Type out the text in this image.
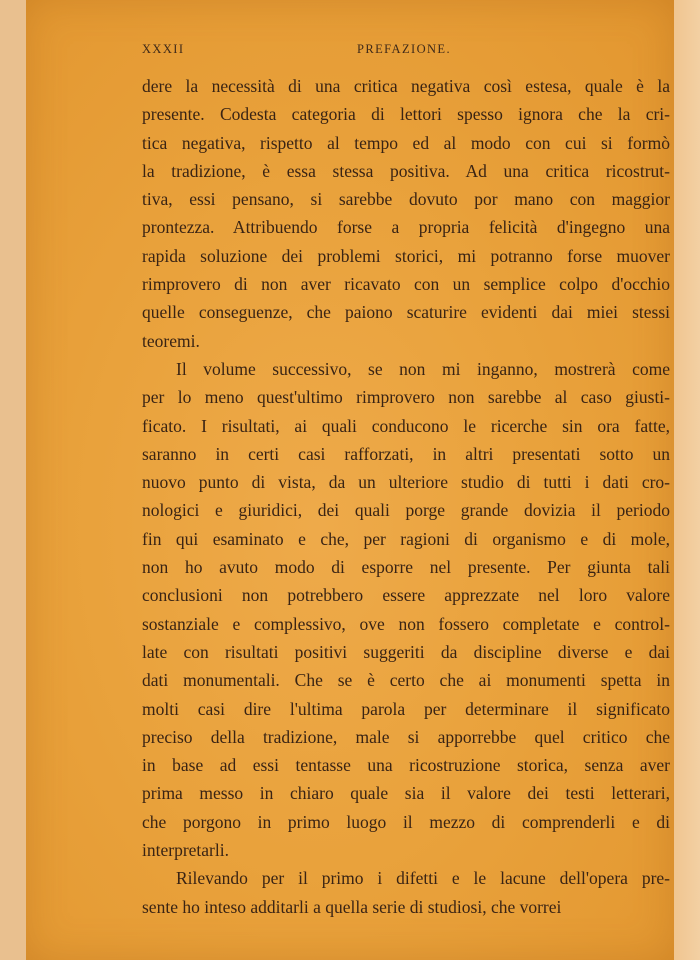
XXXII	PREFAZIONE.
dere la necessità di una critica negativa così estesa, quale è la
presente. Codesta categoria di lettori spesso ignora che la cri-
tica negativa, rispetto al tempo ed al modo con cui si formò
la tradizione, è essa stessa positiva. Ad una critica ricostrut-
tiva, essi pensano, si sarebbe dovuto por mano con maggior
prontezza. Attribuendo forse a propria felicità d'ingegno una
rapida soluzione dei problemi storici, mi potranno forse muover
rimprovero di non aver ricavato con un semplice colpo d'occhio
quelle conseguenze, che paiono scaturire evidenti dai miei stessi
teoremi.
Il volume successivo, se non mi inganno, mostrerà come
per lo meno quest'ultimo rimprovero non sarebbe al caso giusti-
ficato. I risultati, ai quali conducono le ricerche sin ora fatte,
saranno in certi casi rafforzati, in altri presentati sotto un
nuovo punto di vista, da un ulteriore studio di tutti i dati cro-
nologici e giuridici, dei quali porge grande dovizia il periodo
fin qui esaminato e che, per ragioni di organismo e di mole,
non ho avuto modo di esporre nel presente. Per giunta tali
conclusioni non potrebbero essere apprezzate nel loro valore
sostanziale e complessivo, ove non fossero completate e control-
late con risultati positivi suggeriti da discipline diverse e dai
dati monumentali. Che se è certo che ai monumenti spetta in
molti casi dire l'ultima parola per determinare il significato
preciso della tradizione, male si apporrebbe quel critico che
in base ad essi tentasse una ricostruzione storica, senza aver
prima messo in chiaro quale sia il valore dei testi letterari,
che porgono in primo luogo il mezzo di comprenderli e di
interpretarli.
Rilevando per il primo i difetti e le lacune dell'opera pre-
sente ho inteso additarli a quella serie di studiosi, che vorrei
